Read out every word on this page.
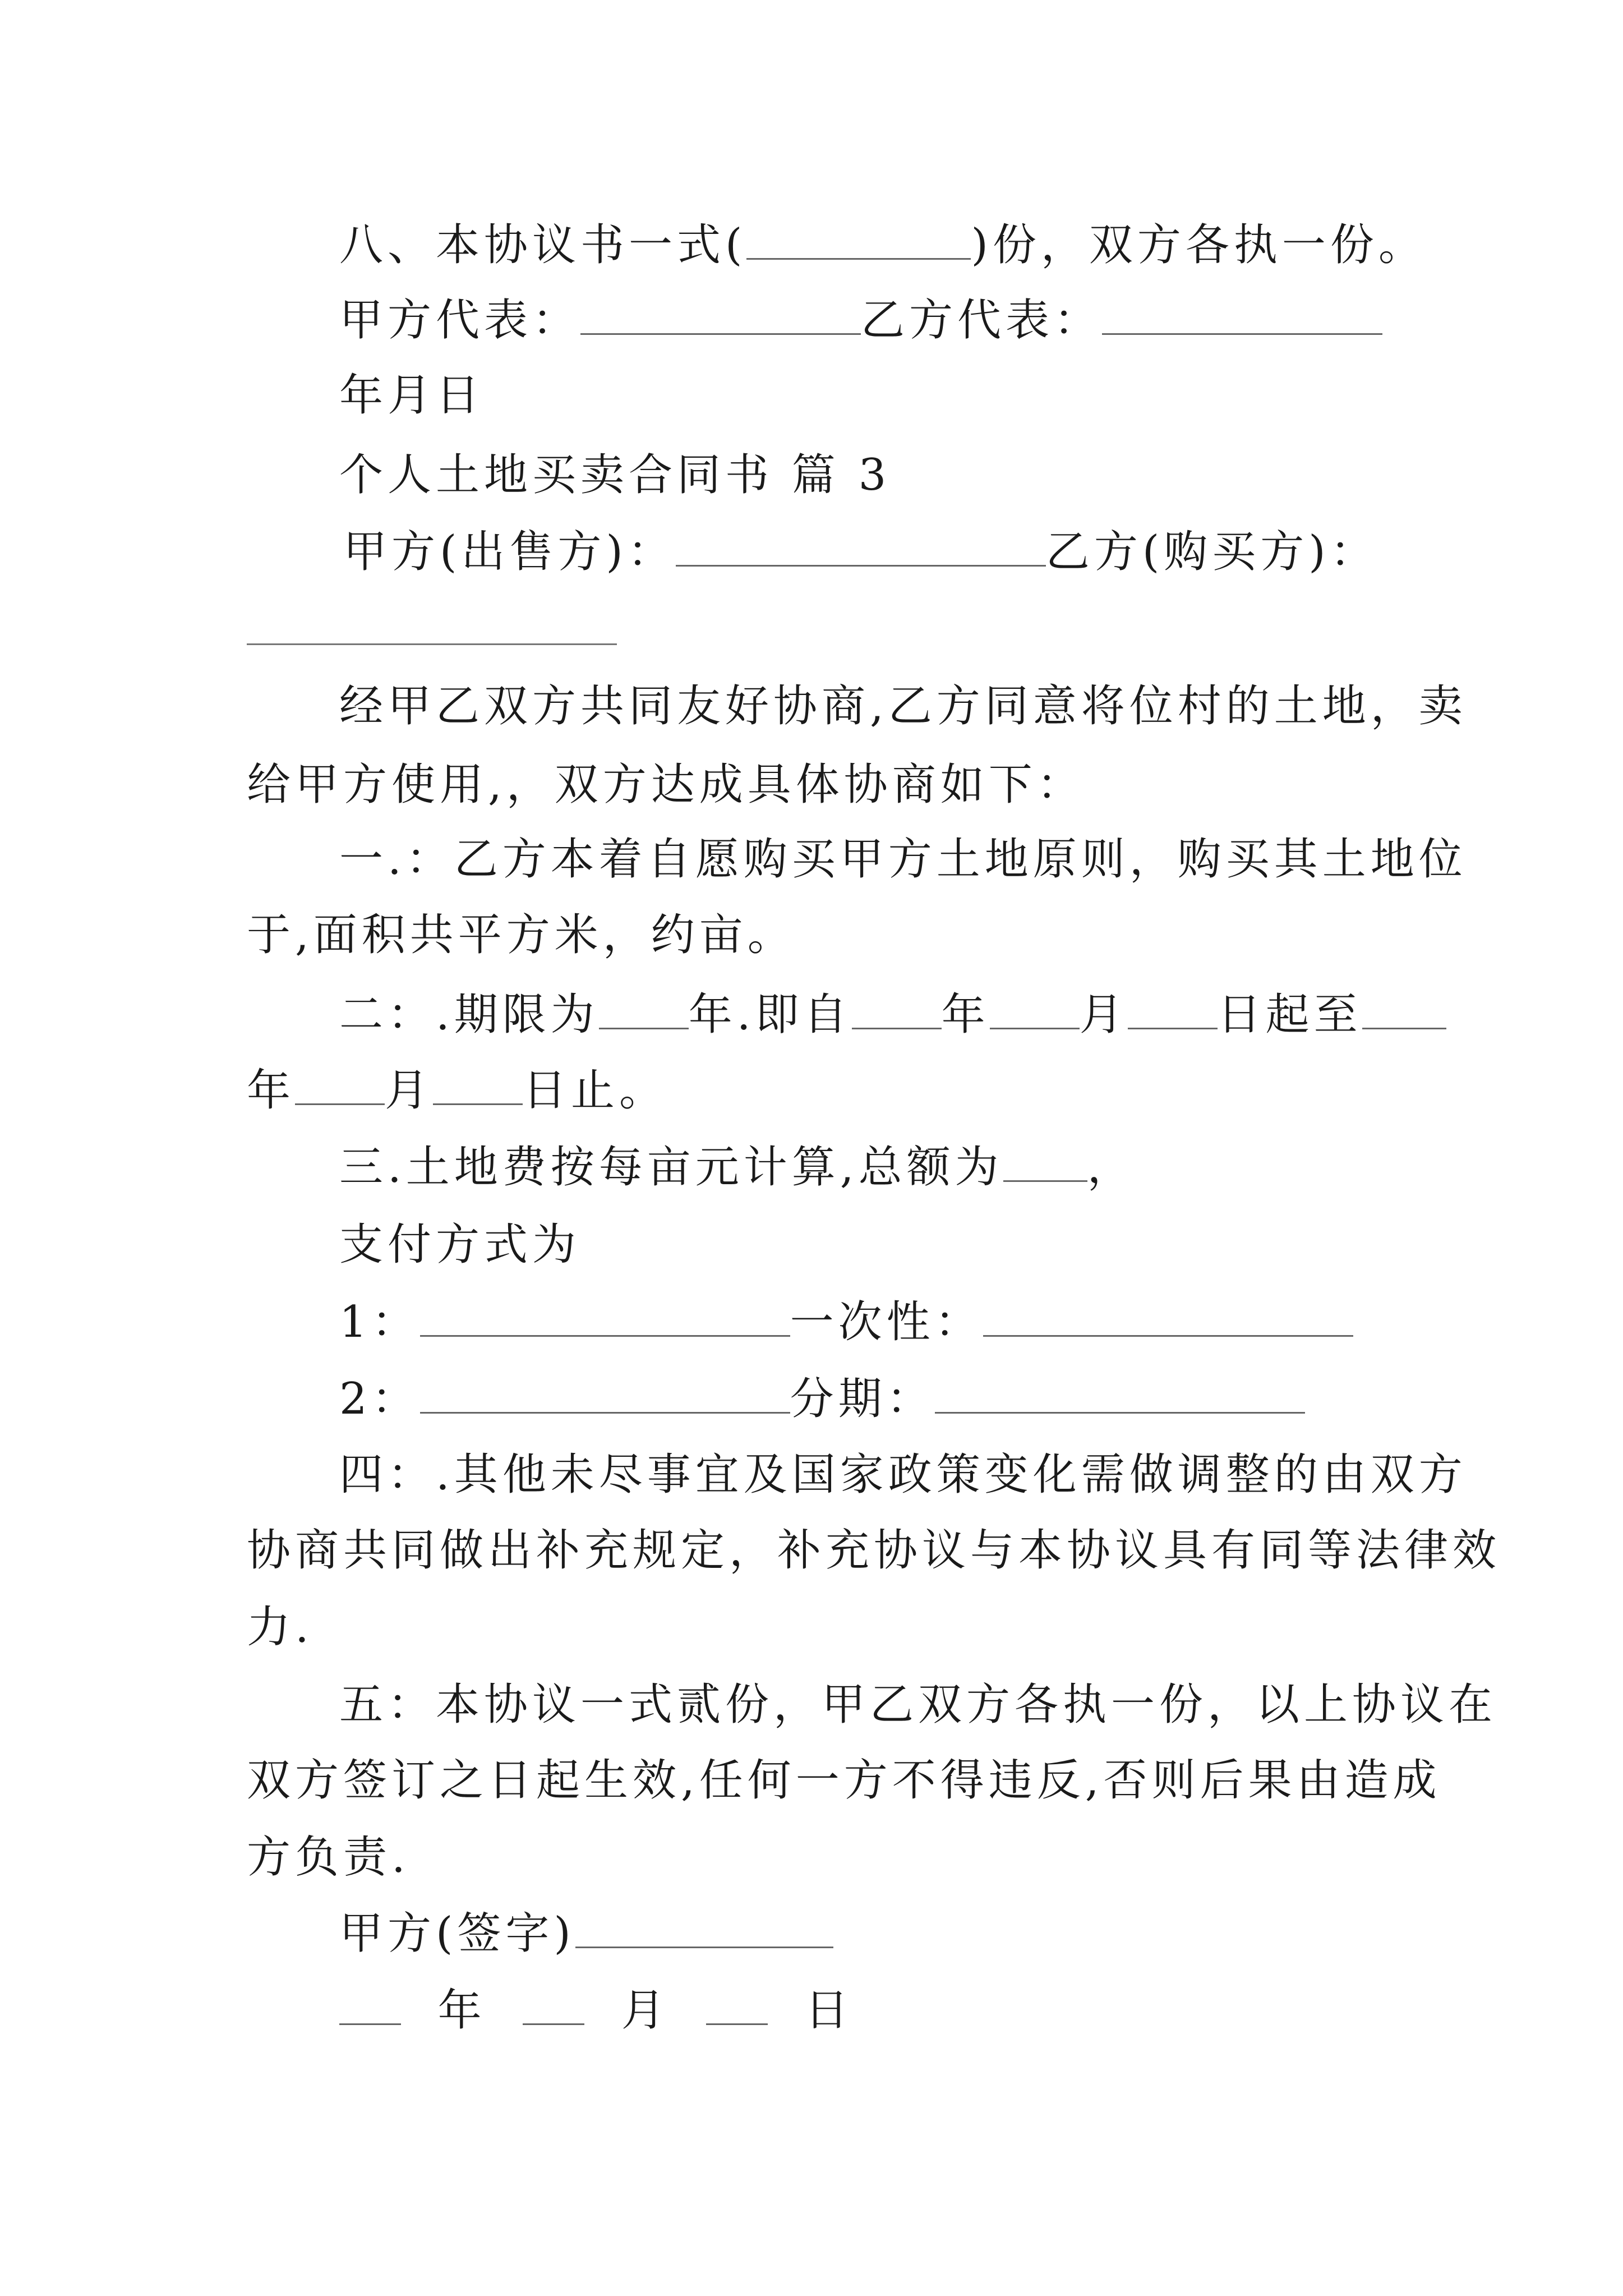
八、本协议书一式(	)份，双方各执一份。
甲方代表：	乙方代表：
年月日
个人土地买卖合同书 篇 3
甲方(出售方)：	乙方(购买方)：
经甲乙双方共同友好协商,乙方同意将位村的土地，卖
给甲方使用,，双方达成具体协商如下：
一.：乙方本着自愿购买甲方土地原则，购买其土地位
于,面积共平方米，约亩。
二：.期限为 年.即自 年 月 日起至
年 月 日止。
三.土地费按每亩元计算,总额为 ，
支付方式为
1：	一次性：
2：	分期：
四：.其他未尽事宜及国家政策变化需做调整的由双方
协商共同做出补充规定，补充协议与本协议具有同等法律效
力.
五：本协议一式贰份，甲乙双方各执一份，以上协议在
双方签订之日起生效,任何一方不得违反,否则后果由造成
方负责.
甲方(签字)
年	月	日
